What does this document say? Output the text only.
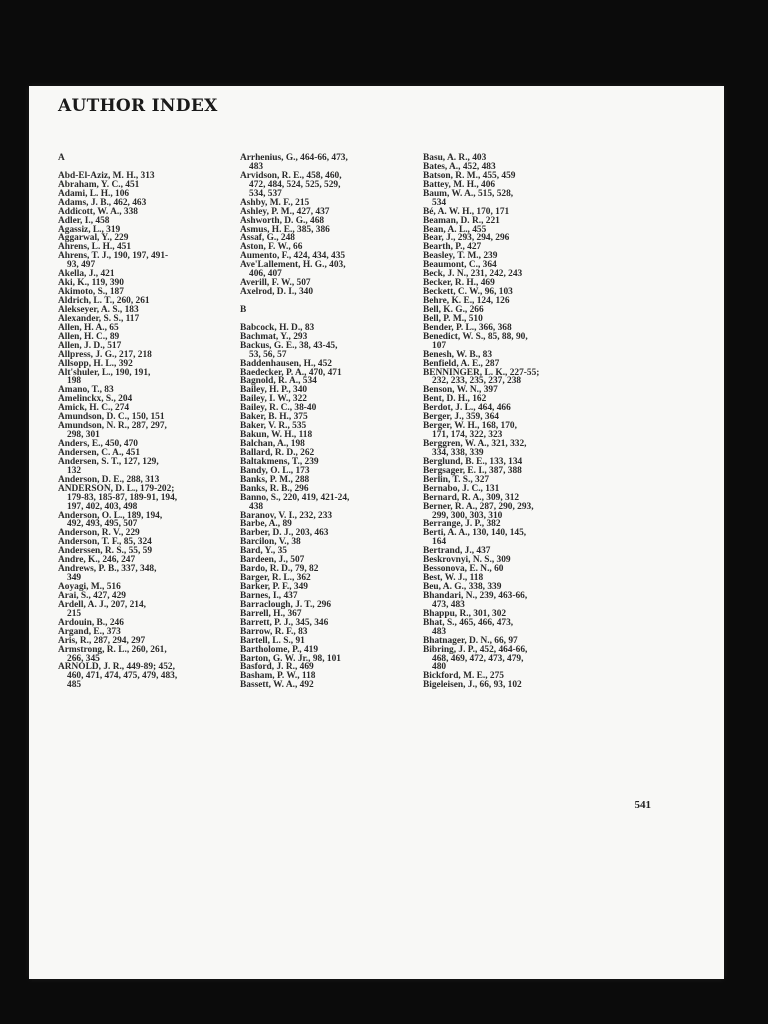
AUTHOR INDEX
A
Abd-El-Aziz, M. H., 313
Abraham, Y. C., 451
Adami, L. H., 106
Adams, J. B., 462, 463
Addicott, W. A., 338
Adler, I., 458
Agassiz, L., 319
Aggarwal, Y., 229
Ahrens, L. H., 451
Ahrens, T. J., 190, 197, 491-
93, 497
Akella, J., 421
Aki, K., 119, 390
Akimoto, S., 187
Aldrich, L. T., 260, 261
Alekseyer, A. S., 183
Alexander, S. S., 117
Allen, H. A., 65
Allen, H. C., 89
Allen, J. D., 517
Allpress, J. G., 217, 218
Allsopp, H. L., 392
Alt'shuler, L., 190, 191,
198
Amano, T., 83
Amelinckx, S., 204
Amick, H. C., 274
Amundson, D. C., 150, 151
Amundson, N. R., 287, 297,
298, 301
Anders, E., 450, 470
Andersen, C. A., 451
Andersen, S. T., 127, 129,
132
Anderson, D. E., 288, 313
ANDERSON, D. L., 179-202;
179-83, 185-87, 189-91, 194,
197, 402, 403, 498
Anderson, O. L., 189, 194,
492, 493, 495, 507
Anderson, R. V., 229
Anderson, T. F., 85, 324
Anderssen, R. S., 55, 59
Andre, K., 246, 247
Andrews, P. B., 337, 348,
349
Aoyagi, M., 516
Arai, S., 427, 429
Ardell, A. J., 207, 214,
215
Ardouin, B., 246
Argand, E., 373
Aris, R., 287, 294, 297
Armstrong, R. L., 260, 261,
266, 345
ARNOLD, J. R., 449-89; 452,
460, 471, 474, 475, 479, 483,
485
Arrhenius, G., 464-66, 473,
483
Arvidson, R. E., 458, 460,
472, 484, 524, 525, 529,
534, 537
Ashby, M. F., 215
Ashley, P. M., 427, 437
Ashworth, D. G., 468
Asmus, H. E., 385, 386
Assaf, G., 248
Aston, F. W., 66
Aumento, F., 424, 434, 435
Ave'Lallement, H. G., 403,
406, 407
Averill, F. W., 507
Axelrod, D. I., 340
B
Babcock, H. D., 83
Bachmat, Y., 293
Backus, G. E., 38, 43-45,
53, 56, 57
Baddenhausen, H., 452
Baedecker, P. A., 470, 471
Bagnold, R. A., 534
Bailey, H. P., 340
Bailey, I. W., 322
Bailey, R. C., 38-40
Baker, B. H., 375
Baker, V. R., 535
Bakun, W. H., 118
Balchan, A., 198
Ballard, R. D., 262
Baltakmens, T., 239
Bandy, O. L., 173
Banks, P. M., 288
Banks, R. B., 296
Banno, S., 220, 419, 421-24,
438
Baranov, V. I., 232, 233
Barbe, A., 89
Barber, D. J., 203, 463
Barcilon, V., 38
Bard, Y., 35
Bardeen, J., 507
Bardo, R. D., 79, 82
Barger, R. L., 362
Barker, P. F., 349
Barnes, I., 437
Barraclough, J. T., 296
Barrell, H., 367
Barrett, P. J., 345, 346
Barrow, R. F., 83
Bartell, L. S., 91
Bartholome, P., 419
Barton, G. W. Jr., 98, 101
Basford, J. R., 469
Basham, P. W., 118
Bassett, W. A., 492
Basu, A. R., 403
Bates, A., 452, 483
Batson, R. M., 455, 459
Battey, M. H., 406
Baum, W. A., 515, 528,
534
Bé, A. W. H., 170, 171
Beaman, D. R., 221
Bean, A. L., 455
Bear, J., 293, 294, 296
Bearth, P., 427
Beasley, T. M., 239
Beaumont, C., 364
Beck, J. N., 231, 242, 243
Becker, R. H., 469
Beckett, C. W., 96, 103
Behre, K. E., 124, 126
Bell, K. G., 266
Bell, P. M., 510
Bender, P. L., 366, 368
Benedict, W. S., 85, 88, 90,
107
Benesh, W. B., 83
Benfield, A. E., 287
BENNINGER, L. K., 227-55;
232, 233, 235, 237, 238
Benson, W. N., 397
Bent, D. H., 162
Berdot, J. L., 464, 466
Berger, J., 359, 364
Berger, W. H., 168, 170,
171, 174, 322, 323
Berggren, W. A., 321, 332,
334, 338, 339
Berglund, B. E., 133, 134
Bergsager, E. I., 387, 388
Berlin, T. S., 327
Bernabo, J. C., 131
Bernard, R. A., 309, 312
Berner, R. A., 287, 290, 293,
299, 300, 303, 310
Berrange, J. P., 382
Berti, A. A., 130, 140, 145,
164
Bertrand, J., 437
Beskrovnyi, N. S., 309
Bessonova, E. N., 60
Best, W. J., 118
Beu, A. G., 338, 339
Bhandari, N., 239, 463-66,
473, 483
Bhappu, R., 301, 302
Bhat, S., 465, 466, 473,
483
Bhatnager, D. N., 66, 97
Bibring, J. P., 452, 464-66,
468, 469, 472, 473, 479,
480
Bickford, M. E., 275
Bigeleisen, J., 66, 93, 102
541
